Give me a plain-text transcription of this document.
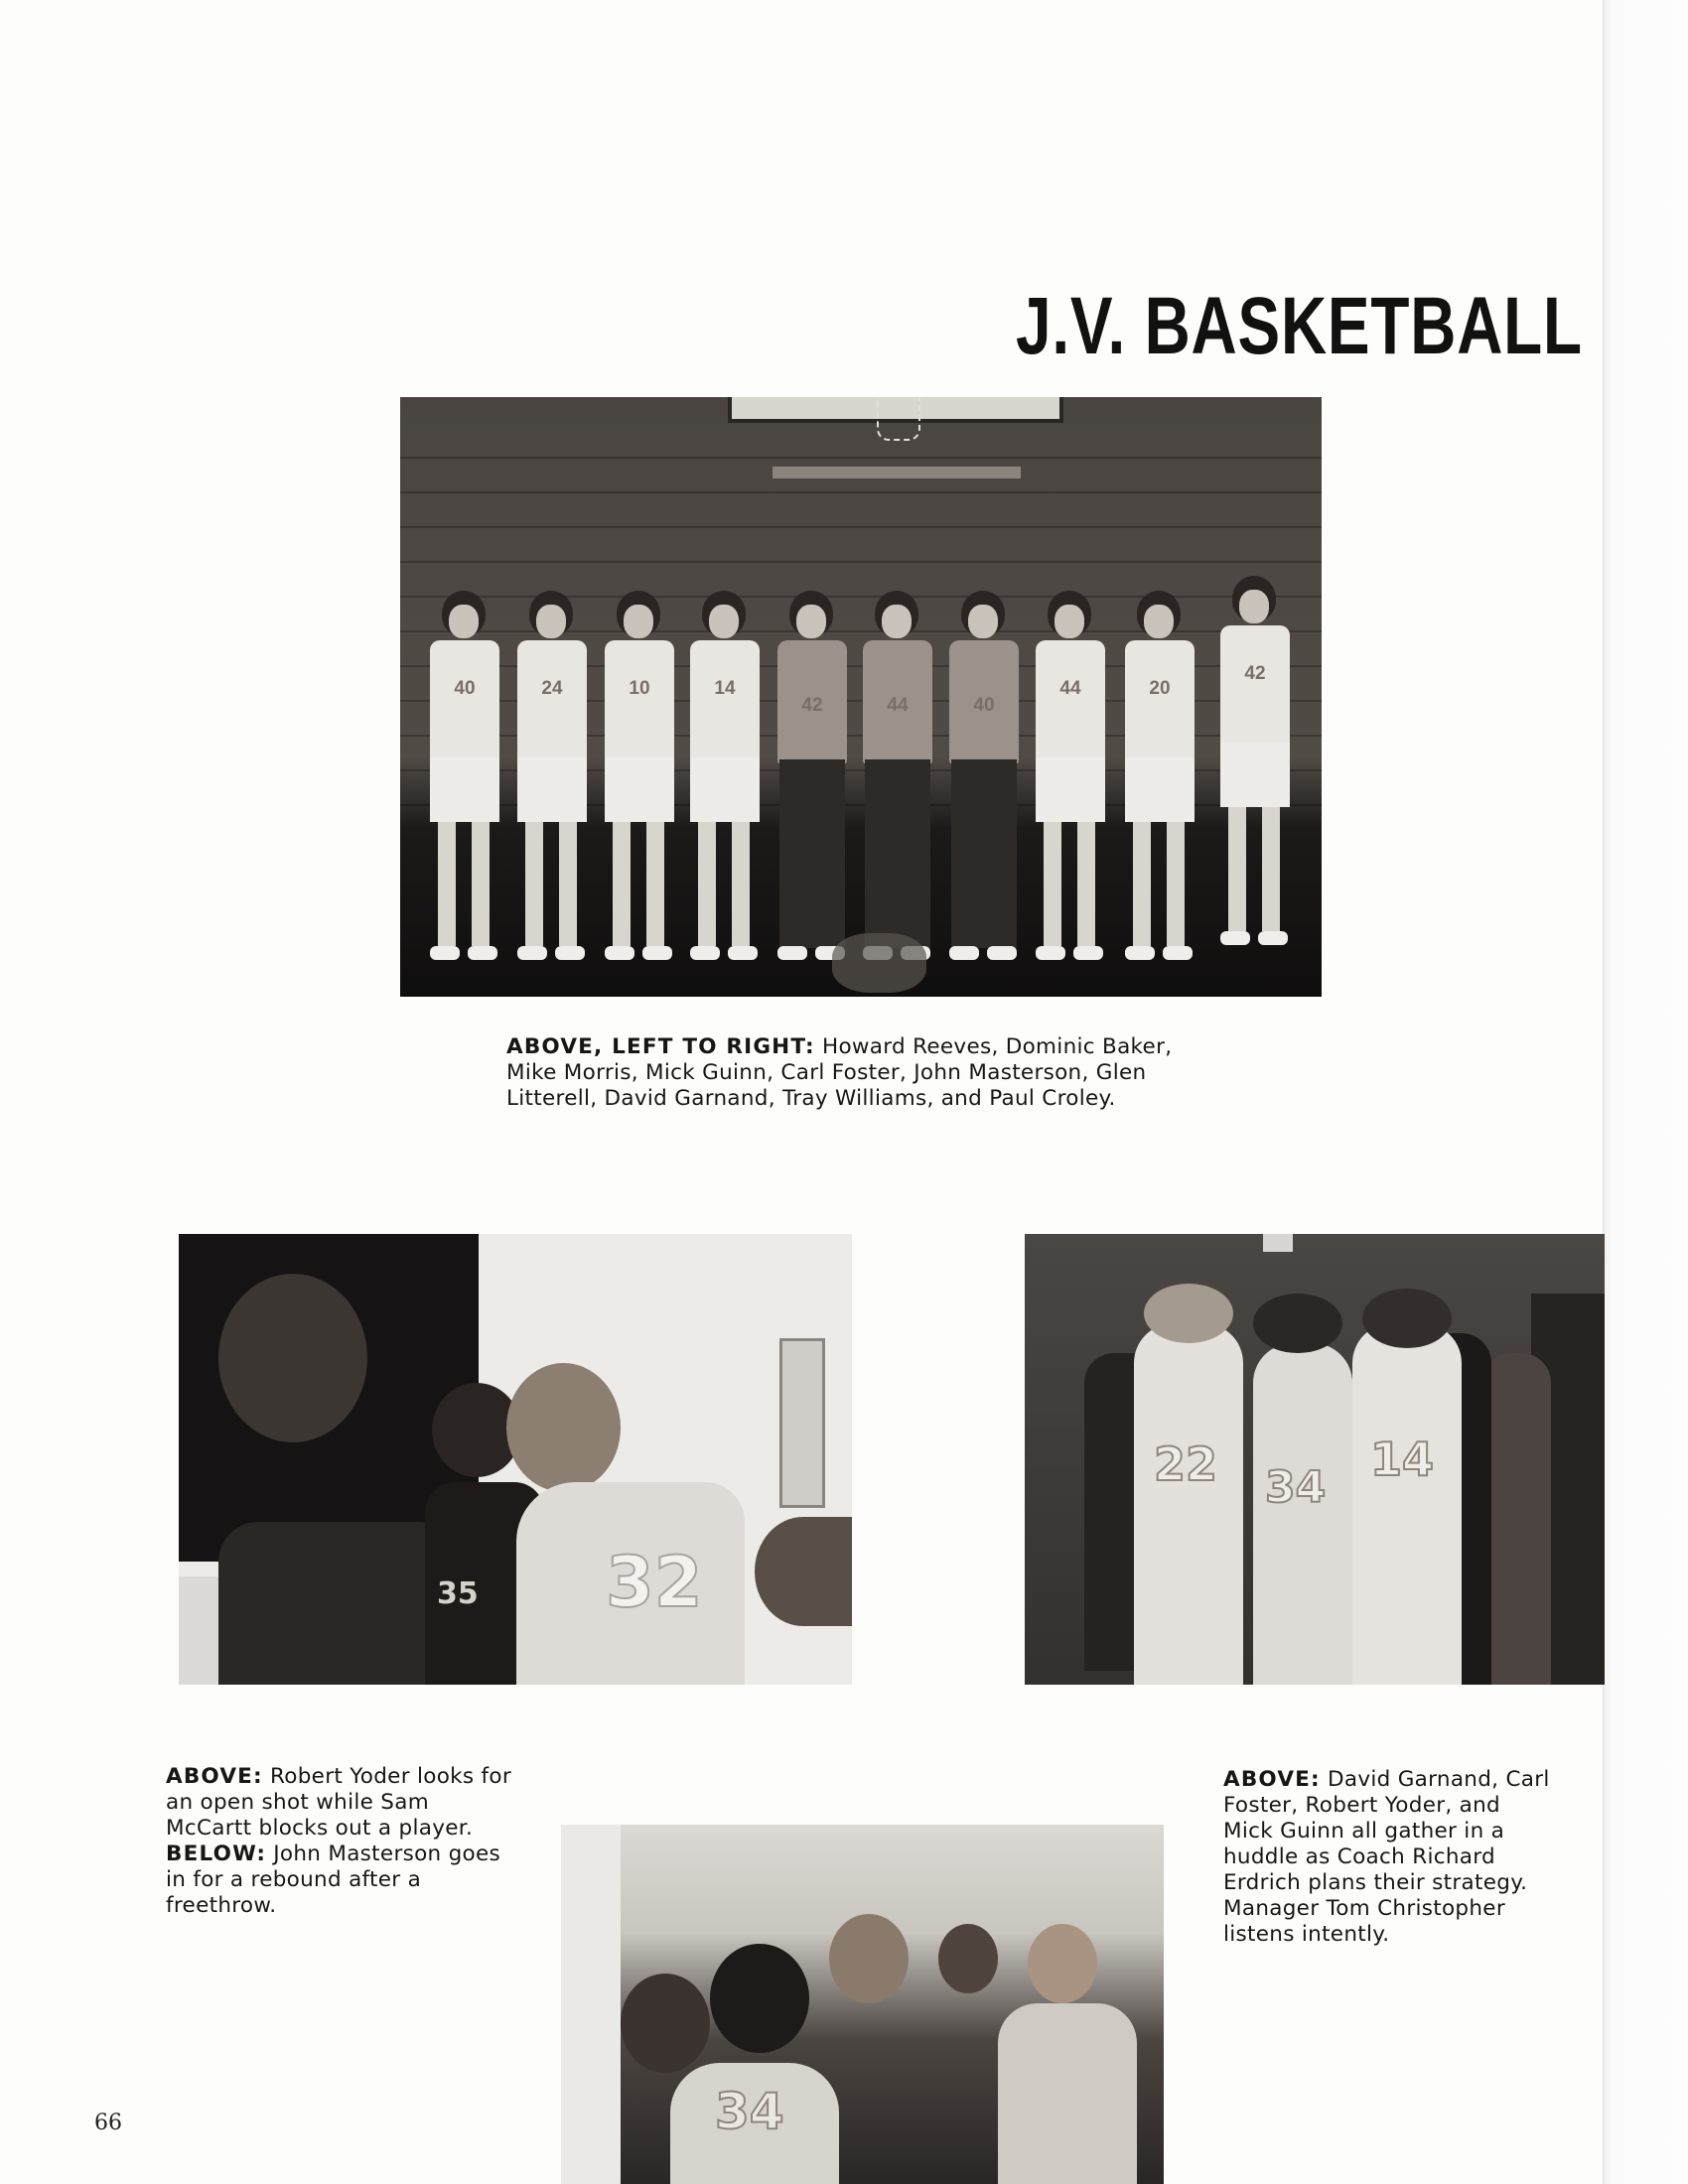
J.V. BASKETBALL
40	24	10	14
42	44	40
44	20
42

ABOVE, LEFT TO RIGHT: Howard Reeves, Dominic Baker, Mike Morris, Mick Guinn, Carl Foster, John Masterson, Glen Litterell, David Garnand, Tray Williams, and Paul Croley.

35 32
22 34
14
ABOVE: Robert Yoder looks for an open shot while Sam McCartt blocks out a player.
BELOW: John Masterson goes in for a rebound after a freethrow.

ABOVE: David Garnand, Carl Foster, Robert Yoder, and Mick Guinn all gather in a huddle as Coach Richard Erdrich plans their strategy. Manager Tom Christopher listens intently.

34
66
